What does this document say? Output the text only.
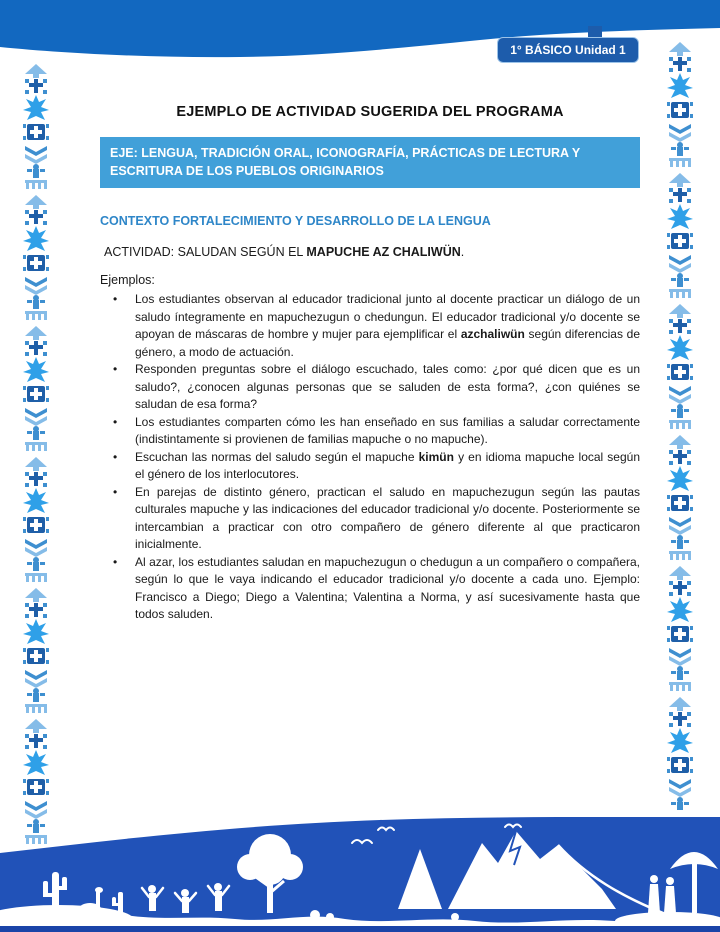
1° BÁSICO Unidad 1
EJEMPLO DE ACTIVIDAD SUGERIDA DEL PROGRAMA
EJE: LENGUA, TRADICIÓN ORAL, ICONOGRAFÍA, PRÁCTICAS DE LECTURA Y ESCRITURA DE LOS PUEBLOS ORIGINARIOS
CONTEXTO FORTALECIMIENTO Y DESARROLLO DE LA LENGUA
ACTIVIDAD: SALUDAN SEGÚN EL MAPUCHE AZ CHALIWÜN.
Ejemplos:
• Los estudiantes observan al educador tradicional junto al docente practicar un diálogo de un saludo íntegramente en mapuchezugun o chedungun. El educador tradicional y/o docente se apoyan de máscaras de hombre y mujer para ejemplificar el azchaliwün según diferencias de género, a modo de actuación.
• Responden preguntas sobre el diálogo escuchado, tales como: ¿por qué dicen que es un saludo?, ¿conocen algunas personas que se saluden de esta forma?, ¿con quiénes se saludan de esa forma?
• Los estudiantes comparten cómo les han enseñado en sus familias a saludar correctamente (indistintamente si provienen de familias mapuche o no mapuche).
• Escuchan las normas del saludo según el mapuche kimün y en idioma mapuche local según el género de los interlocutores.
• En parejas de distinto género, practican el saludo en mapuchezugun según las pautas culturales mapuche y las indicaciones del educador tradicional y/o docente. Posteriormente se intercambian a practicar con otro compañero de género diferente al que practicaron inicialmente.
• Al azar, los estudiantes saludan en mapuchezugun o chedugun a un compañero o compañera, según lo que le vaya indicando el educador tradicional y/o docente a cada uno. Ejemplo: Francisco a Diego; Diego a Valentina; Valentina a Norma, y así sucesivamente hasta que todos saluden.
